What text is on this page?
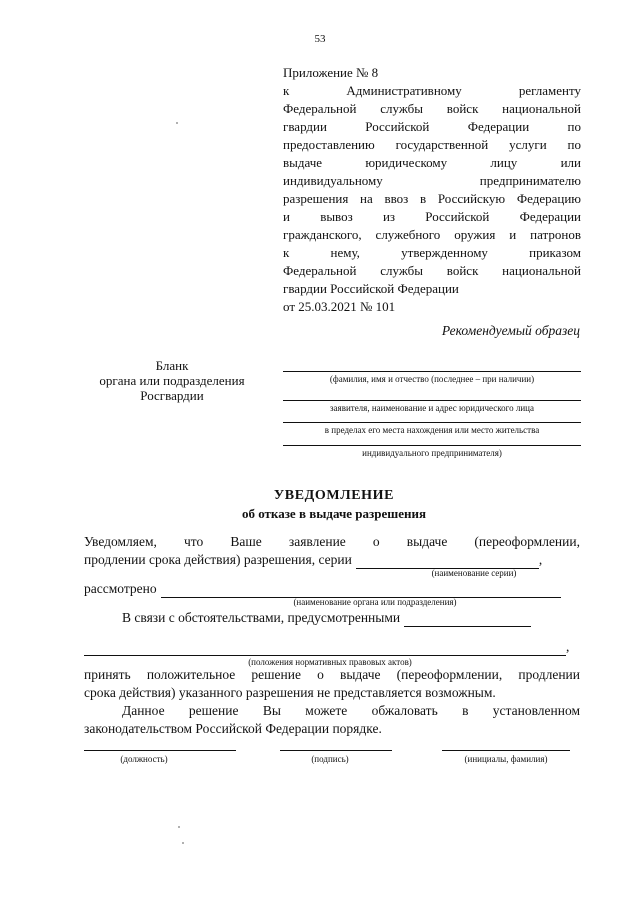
53
Приложение № 8
к Административному регламенту
Федеральной службы войск национальной
гвардии Российской Федерации по
предоставлению государственной услуги по
выдаче юридическому лицу или
индивидуальному предпринимателю
разрешения на ввоз в Российскую Федерацию
и вывоз из Российской Федерации
гражданского, служебного оружия и патронов
к нему, утвержденному приказом
Федеральной службы войск национальной
гвардии Российской Федерации
от 25.03.2021 № 101
Рекомендуемый образец
Бланк
органа или подразделения
Росгвардии
(фамилия, имя и отчество (последнее – при наличии)
заявителя, наименование и адрес юридического лица
в пределах его места нахождения или место жительства
индивидуального предпринимателя)
УВЕДОМЛЕНИЕ
об отказе в выдаче разрешения
Уведомляем, что Ваше заявление о выдаче (переоформлении,
продлении срока действия) разрешения, серии	,
(наименование серии)
рассмотрено
(наименование органа или подразделения)
В связи с обстоятельствами, предусмотренными
,
(положения нормативных правовых актов)
принять положительное решение о выдаче (переоформлении, продлении
срока действия) указанного разрешения не представляется возможным.
Данное решение Вы можете обжаловать в установленном
законодательством Российской Федерации порядке.
(должность)	(подпись)	(инициалы, фамилия)
